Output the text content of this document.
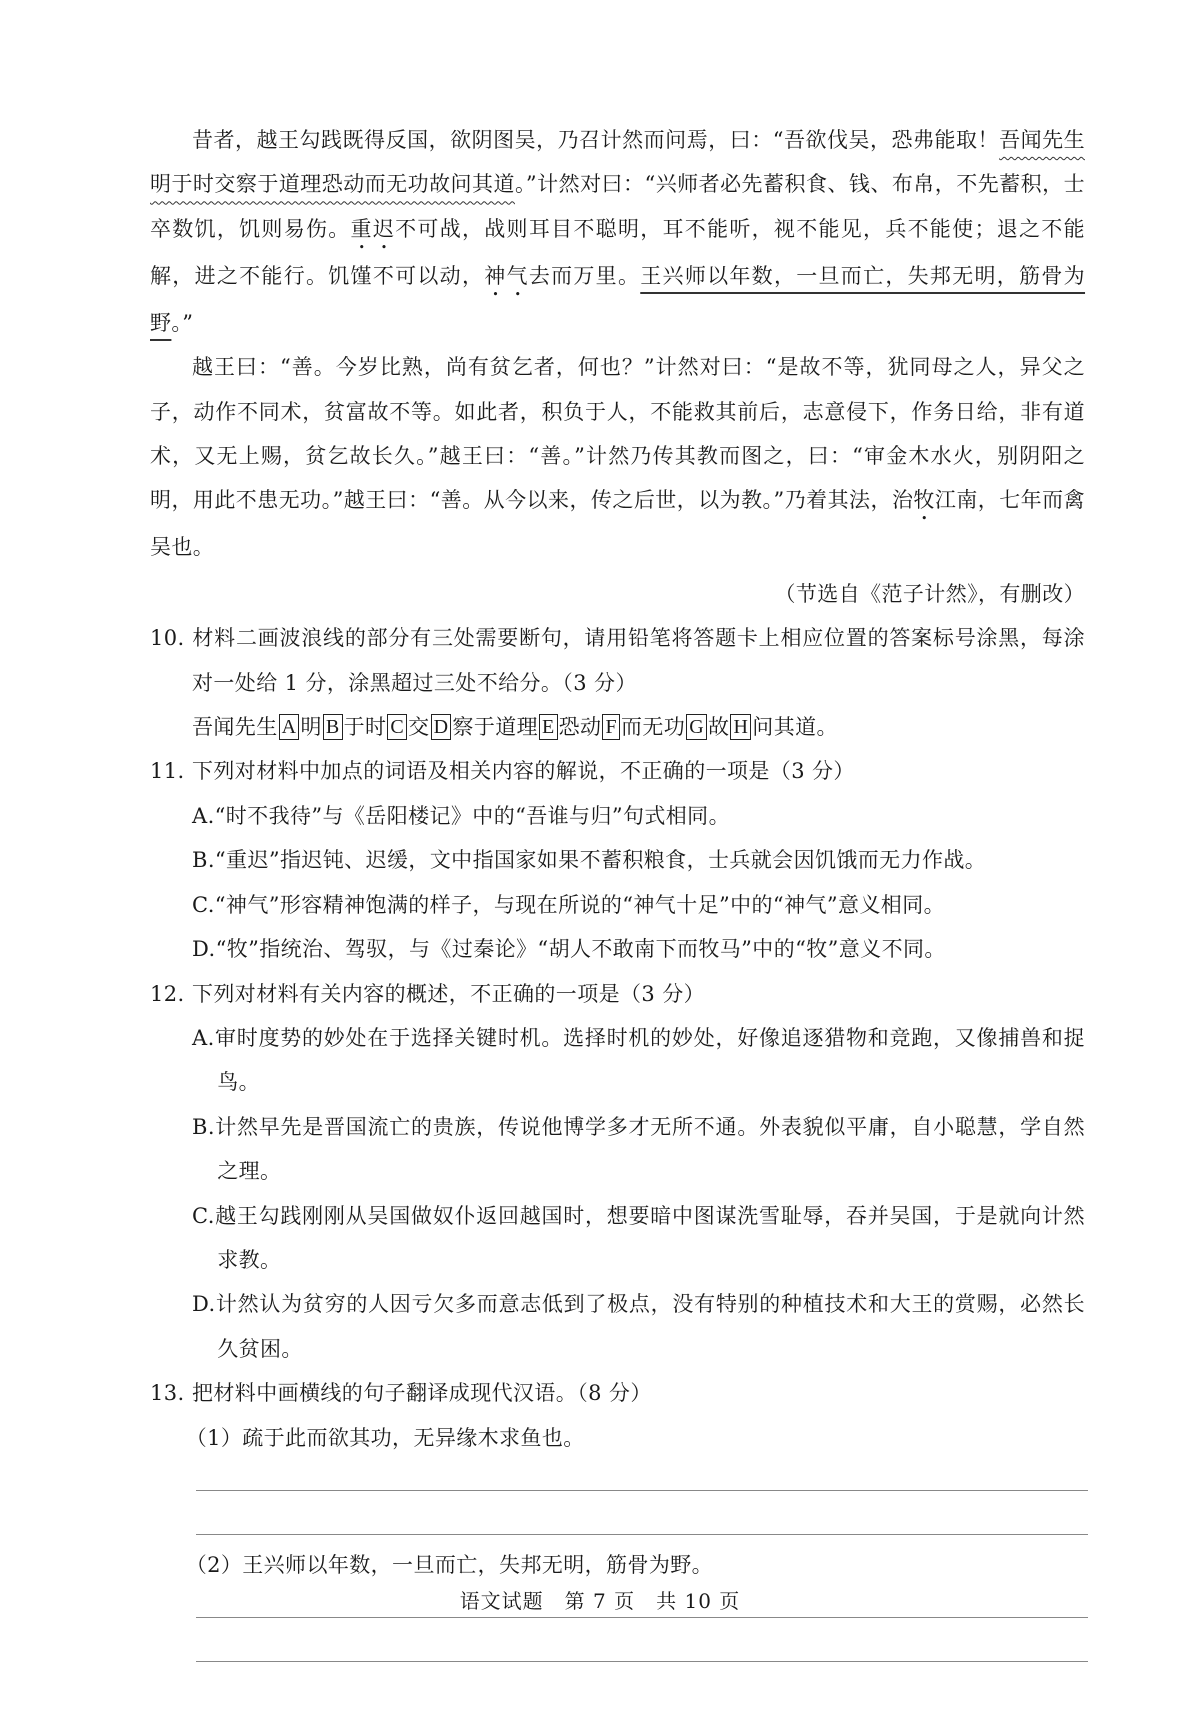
昔者，越王勾践既得反国，欲阴图吴，乃召计然而问焉，曰：“吾欲伐吴，恐弗能取！吾闻先生明于时交察于道理恐动而无功故问其道。”计然对曰：“兴师者必先蓄积食、钱、布帛，不先蓄积，士卒数饥，饥则易伤。重迟不可战，战则耳目不聪明，耳不能听，视不能见，兵不能使；退之不能解，进之不能行。饥馑不可以动，神气去而万里。王兴师以年数，一旦而亡，失邦无明，筋骨为野。”

越王曰：“善。今岁比熟，尚有贫乞者，何也？”计然对曰：“是故不等，犹同母之人，异父之子，动作不同术，贫富故不等。如此者，积负于人，不能救其前后，志意侵下，作务日给，非有道术，又无上赐，贫乞故长久。”越王曰：“善。”计然乃传其教而图之，曰：“审金木水火，别阴阳之明，用此不患无功。”越王曰：“善。从今以来，传之后世，以为教。”乃着其法，治牧江南，七年而禽吴也。

（节选自《范子计然》，有删改）

10. 材料二画波浪线的部分有三处需要断句，请用铅笔将答题卡上相应位置的答案标号涂黑，每涂对一处给 1 分，涂黑超过三处不给分。（3 分）

吾闻先生 A 明 B 于时 C 交 D 察于道理 E 恐动 F 而无功 G 故 H 问其道。

11. 下列对材料中加点的词语及相关内容的解说，不正确的一项是（3 分）

A.“时不我待”与《岳阳楼记》中的“吾谁与归”句式相同。

B.“重迟”指迟钝、迟缓，文中指国家如果不蓄积粮食，士兵就会因饥饿而无力作战。

C.“神气”形容精神饱满的样子，与现在所说的“神气十足”中的“神气”意义相同。

D.“牧”指统治、驾驭，与《过秦论》“胡人不敢南下而牧马”中的“牧”意义不同。

12. 下列对材料有关内容的概述，不正确的一项是（3 分）

A.审时度势的妙处在于选择关键时机。选择时机的妙处，好像追逐猎物和竞跑，又像捕兽和捉鸟。

B.计然早先是晋国流亡的贵族，传说他博学多才无所不通。外表貌似平庸，自小聪慧，学自然之理。

C.越王勾践刚刚从吴国做奴仆返回越国时，想要暗中图谋洗雪耻辱，吞并吴国，于是就向计然求教。

D.计然认为贫穷的人因亏欠多而意志低到了极点，没有特别的种植技术和大王的赏赐，必然长久贫困。

13. 把材料中画横线的句子翻译成现代汉语。（8 分）

（1）疏于此而欲其功，无异缘木求鱼也。

（2）王兴师以年数，一旦而亡，失邦无明，筋骨为野。

语文试题　第 7 页　共 10 页
